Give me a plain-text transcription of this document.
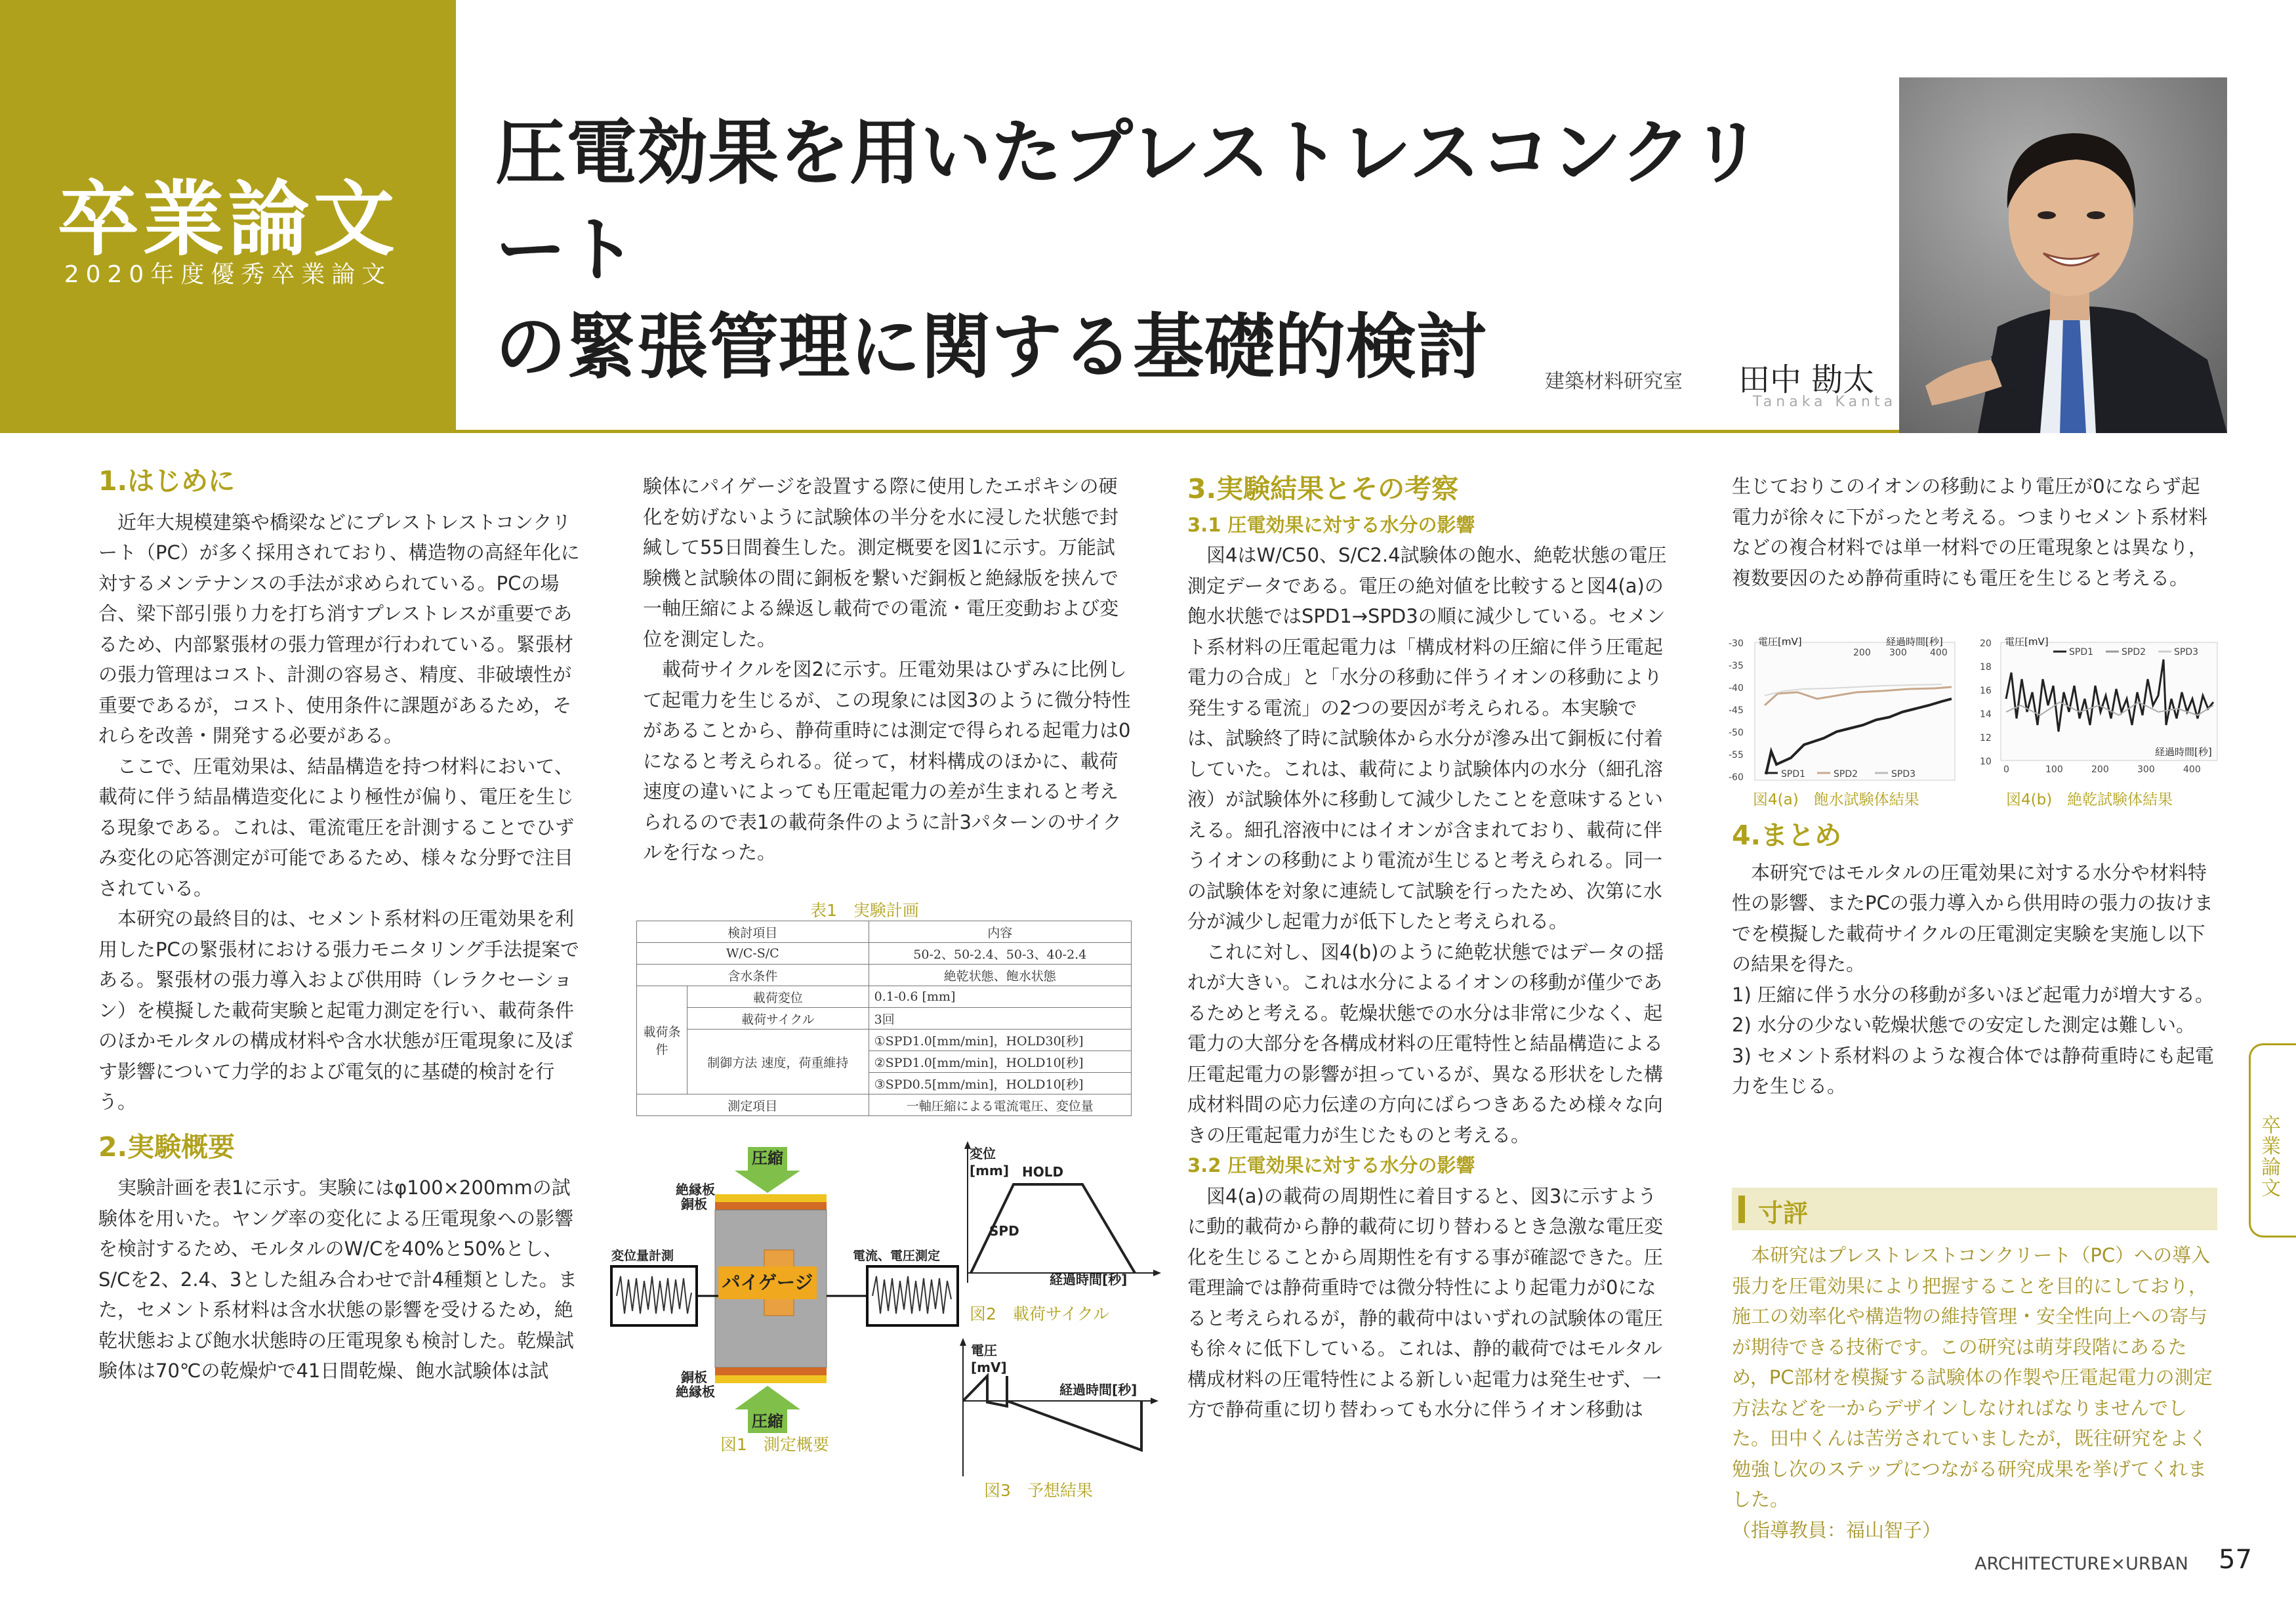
卒業論文
2020年度優秀卒業論文
圧電効果を用いたプレストレスコンクリート
の緊張管理に関する基礎的検討	建築材料研究室 田中 勘太
Tanaka Kanta
1.はじめに

近年大規模建築や橋梁などにプレストレストコンクリート（PC）が多く採用されており、構造物の高経年化に対するメンテナンスの手法が求められている。PCの場合、梁下部引張り力を打ち消すプレストレスが重要であるため、内部緊張材の張力管理が行われている。緊張材の張力管理はコスト、計測の容易さ、精度、非破壊性が重要であるが，コスト、使用条件に課題があるため，それらを改善・開発する必要がある。

ここで、圧電効果は、結晶構造を持つ材料において、載荷に伴う結晶構造変化により極性が偏り、電圧を生じる現象である。これは、電流電圧を計測することでひずみ変化の応答測定が可能であるため、様々な分野で注目されている。

本研究の最終目的は、セメント系材料の圧電効果を利用したPCの緊張材における張力モニタリング手法提案である。緊張材の張力導入および供用時（レラクセーション）を模擬した載荷実験と起電力測定を行い、載荷条件のほかモルタルの構成材料や含水状態が圧電現象に及ぼす影響について力学的および電気的に基礎的検討を行う。

2.実験概要

実験計画を表1に示す。実験にはφ100×200mmの試験体を用いた。ヤング率の変化による圧電現象への影響を検討するため、モルタルのW/Cを40%と50%とし、S/Cを2、2.4、3とした組み合わせで計4種類とした。また，セメント系材料は含水状態の影響を受けるため，絶乾状態および飽水状態時の圧電現象も検討した。乾燥試験体は70℃の乾燥炉で41日間乾燥、飽水試験体は試

験体にパイゲージを設置する際に使用したエポキシの硬化を妨げないように試験体の半分を水に浸した状態で封緘して55日間養生した。測定概要を図1に示す。万能試験機と試験体の間に銅板を繋いだ銅板と絶縁版を挟んで一軸圧縮による繰返し載荷での電流・電圧変動および変位を測定した。

載荷サイクルを図2に示す。圧電効果はひずみに比例して起電力を生じるが、この現象には図3のように微分特性があることから、静荷重時には測定で得られる起電力は0になると考えられる。従って，材料構成のほかに、載荷速度の違いによっても圧電起電力の差が生まれると考えられるので表1の載荷条件のように計3パターンのサイクルを行なった。

表1　実験計画
検討項目		内容
W/C-S/C		50-2、50-2.4、50-3、40-2.4
含水条件		絶乾状態、飽水状態
載荷条件	載荷変位	0.1-0.6 [mm]
	載荷サイクル	3回
	制御方法 速度，荷重維持	①SPD1.0[mm/min]，HOLD30[秒]
		②SPD1.0[mm/min]，HOLD10[秒]
		③SPD0.5[mm/min]，HOLD10[秒]
測定項目		一軸圧縮による電流電圧、変位量
圧縮
パイゲージ
圧縮
絶縁板
銅板
銅板
絶縁板
変位量計測	電流、電圧測定
図1　測定概要
変位
[mm] HOLD
SPD
経過時間[秒]
図2　載荷サイクル
電圧
[mV]
経過時間[秒]
図3　予想結果
3.実験結果とその考察
3.1 圧電効果に対する水分の影響

図4はW/C50、S/C2.4試験体の飽水、絶乾状態の電圧測定データである。電圧の絶対値を比較すると図4(a)の飽水状態ではSPD1→SPD3の順に減少している。セメント系材料の圧電起電力は「構成材料の圧縮に伴う圧電起電力の合成」と「水分の移動に伴うイオンの移動により発生する電流」の2つの要因が考えられる。本実験では、試験終了時に試験体から水分が滲み出て銅板に付着していた。これは、載荷により試験体内の水分（細孔溶液）が試験体外に移動して減少したことを意味するといえる。細孔溶液中にはイオンが含まれており、載荷に伴うイオンの移動により電流が生じると考えられる。同一の試験体を対象に連続して試験を行ったため、次第に水分が減少し起電力が低下したと考えられる。

これに対し、図4(b)のように絶乾状態ではデータの揺れが大きい。これは水分によるイオンの移動が僅少であるためと考える。乾燥状態での水分は非常に少なく、起電力の大部分を各構成材料の圧電特性と結晶構造による圧電起電力の影響が担っているが、異なる形状をした構成材料間の応力伝達の方向にばらつきあるため様々な向きの圧電起電力が生じたものと考える。

3.2 圧電効果に対する水分の影響

図4(a)の載荷の周期性に着目すると、図3に示すように動的載荷から静的載荷に切り替わるとき急激な電圧変化を生じることから周期性を有する事が確認できた。圧電理論では静荷重時では微分特性により起電力が0になると考えられるが，静的載荷中はいずれの試験体の電圧も徐々に低下している。これは、静的載荷ではモルタル構成材料の圧電特性による新しい起電力は発生せず、一方で静荷重に切り替わっても水分に伴うイオン移動は

生じておりこのイオンの移動により電圧が0にならず起電力が徐々に下がったと考える。つまりセメント系材料などの複合材料では単一材料での圧電現象とは異なり，複数要因のため静荷重時にも電圧を生じると考える。

-30
-35
-40
-45
-50
-55
-60
電圧[mV]	経過時間[秒]
200 300	400
SPD1	SPD2	SPD3
図4(a)　飽水試験体結果
20
18
16
14
12
10
電圧[mV]
SPD1	SPD2	SPD3
0	100	200	300	400
経過時間[秒]
図4(b)　絶乾試験体結果
4.まとめ

本研究ではモルタルの圧電効果に対する水分や材料特性の影響、またPCの張力導入から供用時の張力の抜けまでを模擬した載荷サイクルの圧電測定実験を実施し以下の結果を得た。

1) 圧縮に伴う水分の移動が多いほど起電力が増大する。

2) 水分の少ない乾燥状態での安定した測定は難しい。

3) セメント系材料のような複合体では静荷重時にも起電力を生じる。

寸評

本研究はプレストレストコンクリート（PC）への導入張力を圧電効果により把握することを目的にしており，施工の効率化や構造物の維持管理・安全性向上への寄与が期待できる技術です。この研究は萌芽段階にあるため，PC部材を模擬する試験体の作製や圧電起電力の測定方法などを一からデザインしなければなりませんでした。田中くんは苦労されていましたが，既往研究をよく勉強し次のステップにつながる研究成果を挙げてくれました。

（指導教員：福山智子）

卒業論文
ARCHITECTURE×URBAN 57
